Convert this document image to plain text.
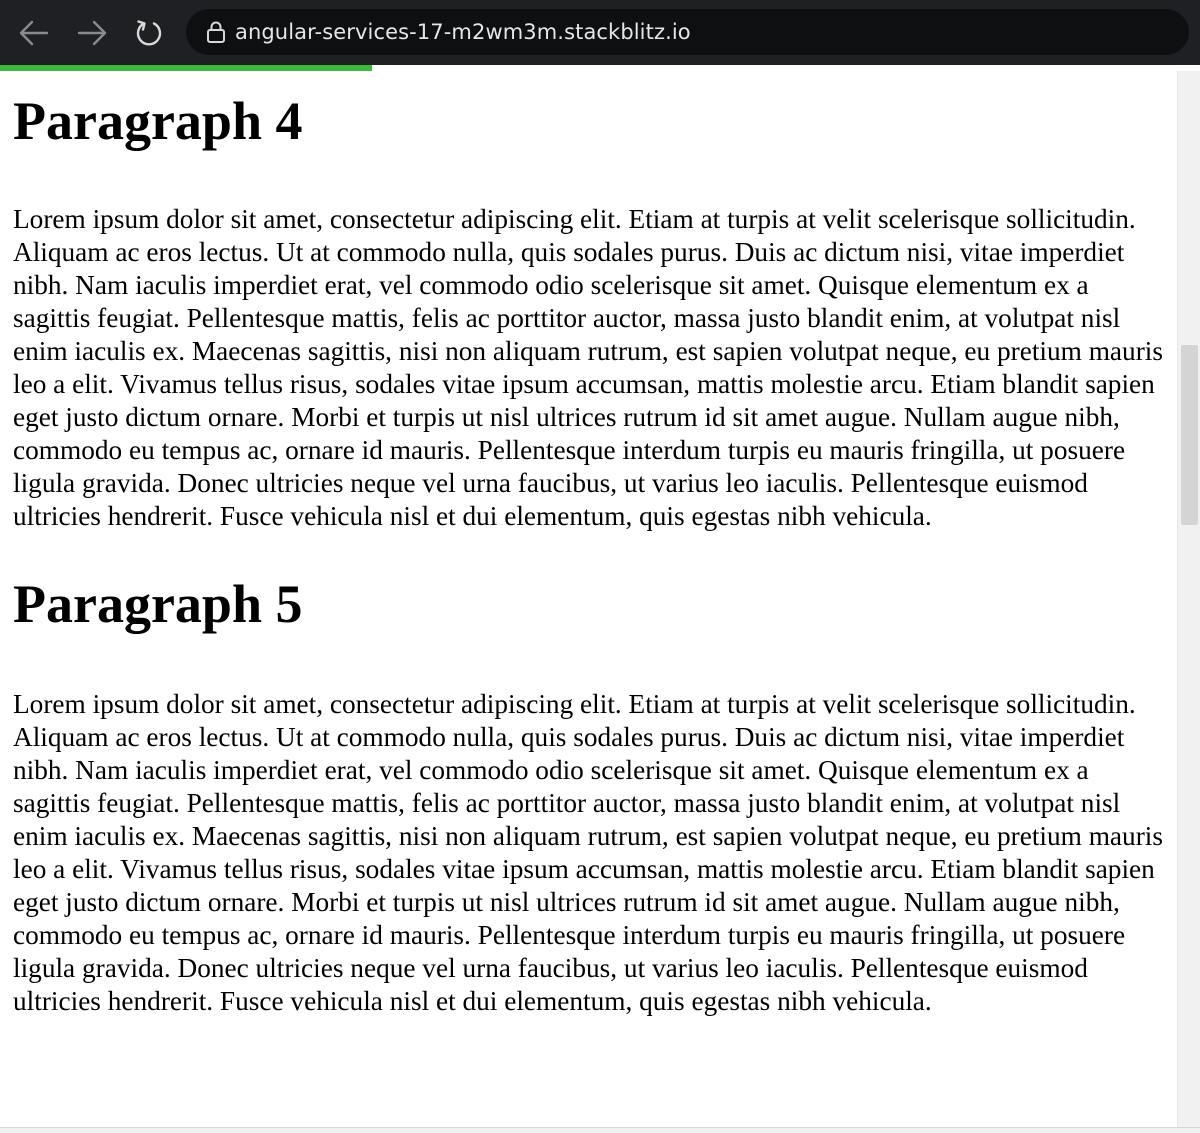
angular-services-17-m2wm3m.stackblitz.io
Paragraph 4

Lorem ipsum dolor sit amet, consectetur adipiscing elit. Etiam at turpis at velit scelerisque sollicitudin. Aliquam ac eros lectus. Ut at commodo nulla, quis sodales purus. Duis ac dictum nisi, vitae imperdiet nibh. Nam iaculis imperdiet erat, vel commodo odio scelerisque sit amet. Quisque elementum ex a sagittis feugiat. Pellentesque mattis, felis ac porttitor auctor, massa justo blandit enim, at volutpat nisl enim iaculis ex. Maecenas sagittis, nisi non aliquam rutrum, est sapien volutpat neque, eu pretium mauris leo a elit. Vivamus tellus risus, sodales vitae ipsum accumsan, mattis molestie arcu. Etiam blandit sapien eget justo dictum ornare. Morbi et turpis ut nisl ultrices rutrum id sit amet augue. Nullam augue nibh, commodo eu tempus ac, ornare id mauris. Pellentesque interdum turpis eu mauris fringilla, ut posuere ligula gravida. Donec ultricies neque vel urna faucibus, ut varius leo iaculis. Pellentesque euismod ultricies hendrerit. Fusce vehicula nisl et dui elementum, quis egestas nibh vehicula.

Paragraph 5

Lorem ipsum dolor sit amet, consectetur adipiscing elit. Etiam at turpis at velit scelerisque sollicitudin. Aliquam ac eros lectus. Ut at commodo nulla, quis sodales purus. Duis ac dictum nisi, vitae imperdiet nibh. Nam iaculis imperdiet erat, vel commodo odio scelerisque sit amet. Quisque elementum ex a sagittis feugiat. Pellentesque mattis, felis ac porttitor auctor, massa justo blandit enim, at volutpat nisl enim iaculis ex. Maecenas sagittis, nisi non aliquam rutrum, est sapien volutpat neque, eu pretium mauris leo a elit. Vivamus tellus risus, sodales vitae ipsum accumsan, mattis molestie arcu. Etiam blandit sapien eget justo dictum ornare. Morbi et turpis ut nisl ultrices rutrum id sit amet augue. Nullam augue nibh, commodo eu tempus ac, ornare id mauris. Pellentesque interdum turpis eu mauris fringilla, ut posuere ligula gravida. Donec ultricies neque vel urna faucibus, ut varius leo iaculis. Pellentesque euismod ultricies hendrerit. Fusce vehicula nisl et dui elementum, quis egestas nibh vehicula.
